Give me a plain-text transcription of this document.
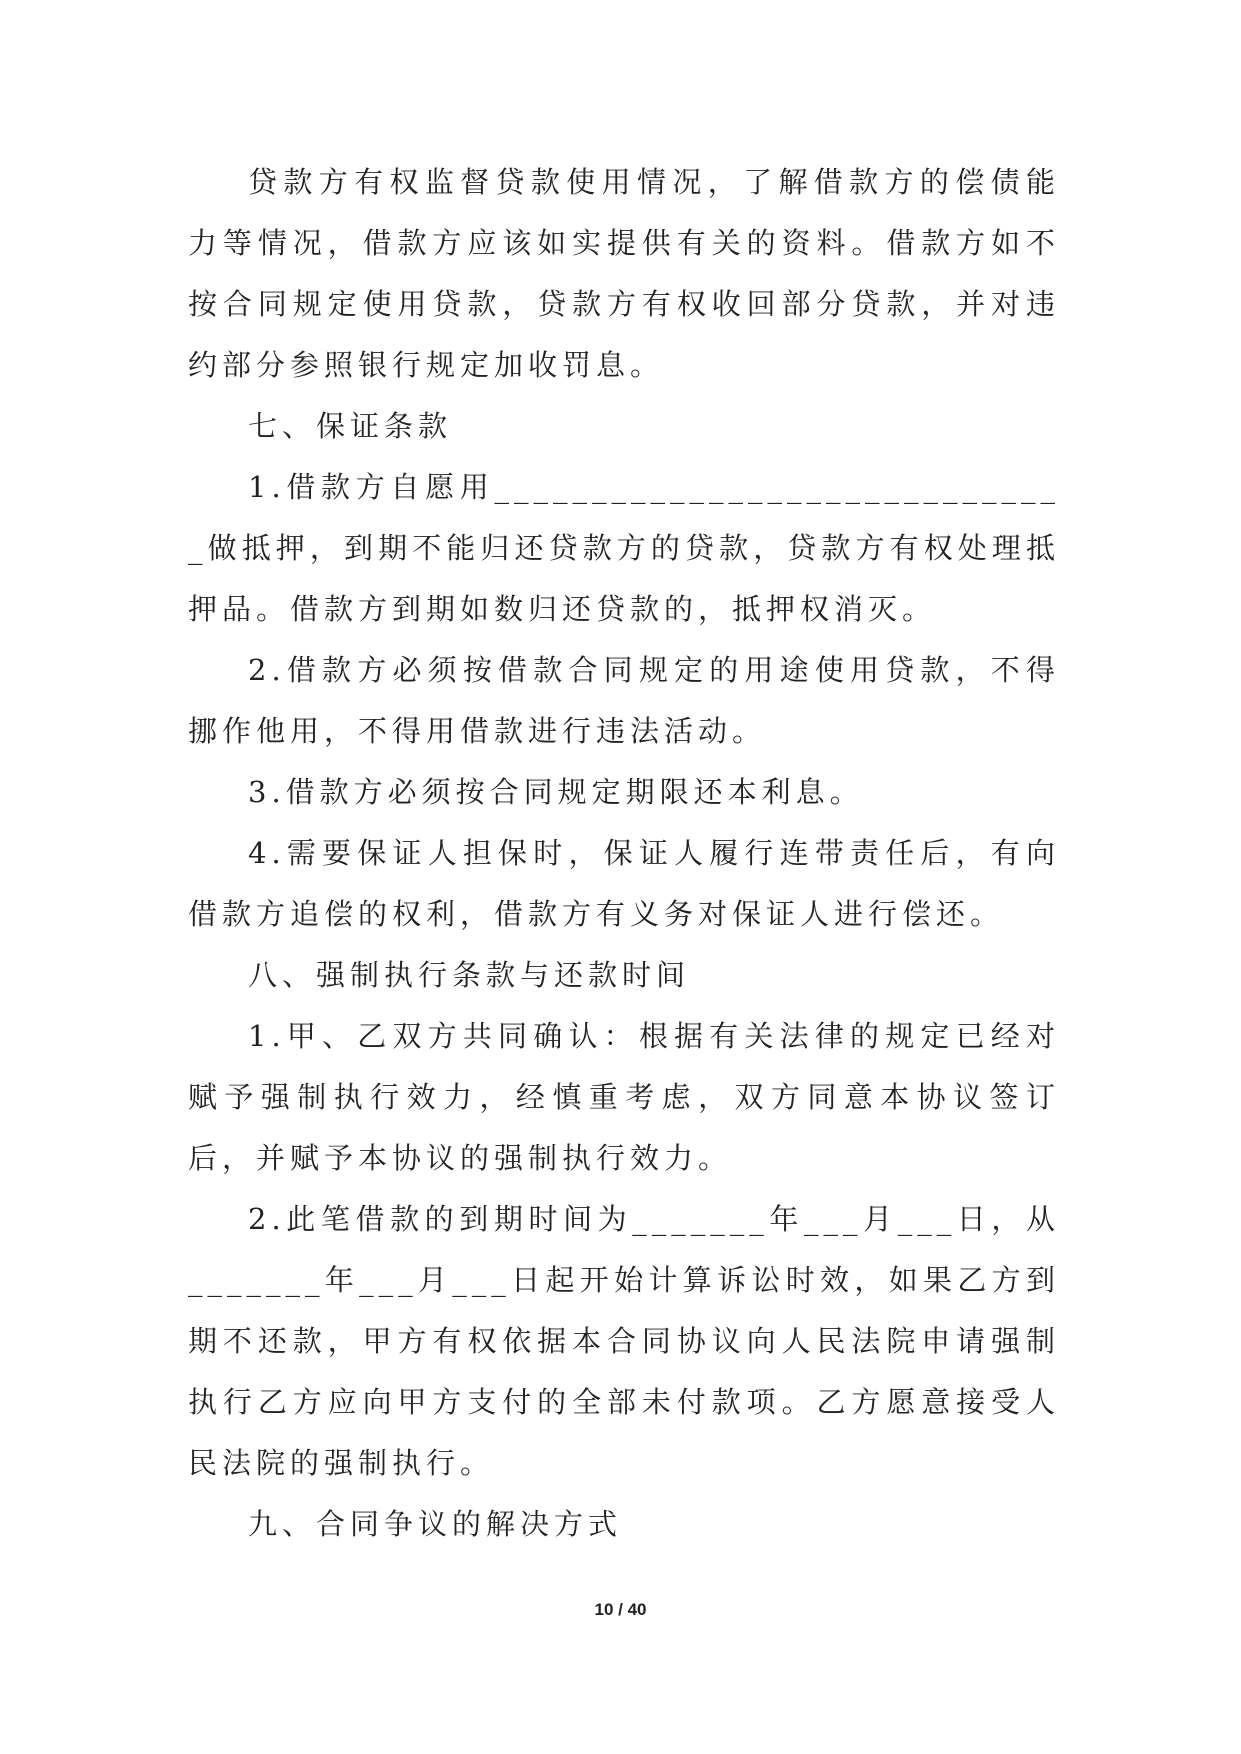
贷款方有权监督贷款使用情况，了解借款方的偿债能力等情况，借款方应该如实提供有关的资料。借款方如不按合同规定使用贷款，贷款方有权收回部分贷款，并对违约部分参照银行规定加收罚息。

七、保证条款

1.借款方自愿用______________________________做抵押，到期不能归还贷款方的贷款，贷款方有权处理抵押品。借款方到期如数归还贷款的，抵押权消灭。

2.借款方必须按借款合同规定的用途使用贷款，不得挪作他用，不得用借款进行违法活动。

3.借款方必须按合同规定期限还本利息。

4.需要保证人担保时，保证人履行连带责任后，有向借款方追偿的权利，借款方有义务对保证人进行偿还。

八、强制执行条款与还款时间

1.甲、乙双方共同确认：根据有关法律的规定已经对赋予强制执行效力，经慎重考虑，双方同意本协议签订后，并赋予本协议的强制执行效力。

2.此笔借款的到期时间为_______年___月___日，从_______年___月___日起开始计算诉讼时效，如果乙方到期不还款，甲方有权依据本合同协议向人民法院申请强制执行乙方应向甲方支付的全部未付款项。乙方愿意接受人民法院的强制执行。

九、合同争议的解决方式

10 / 40
